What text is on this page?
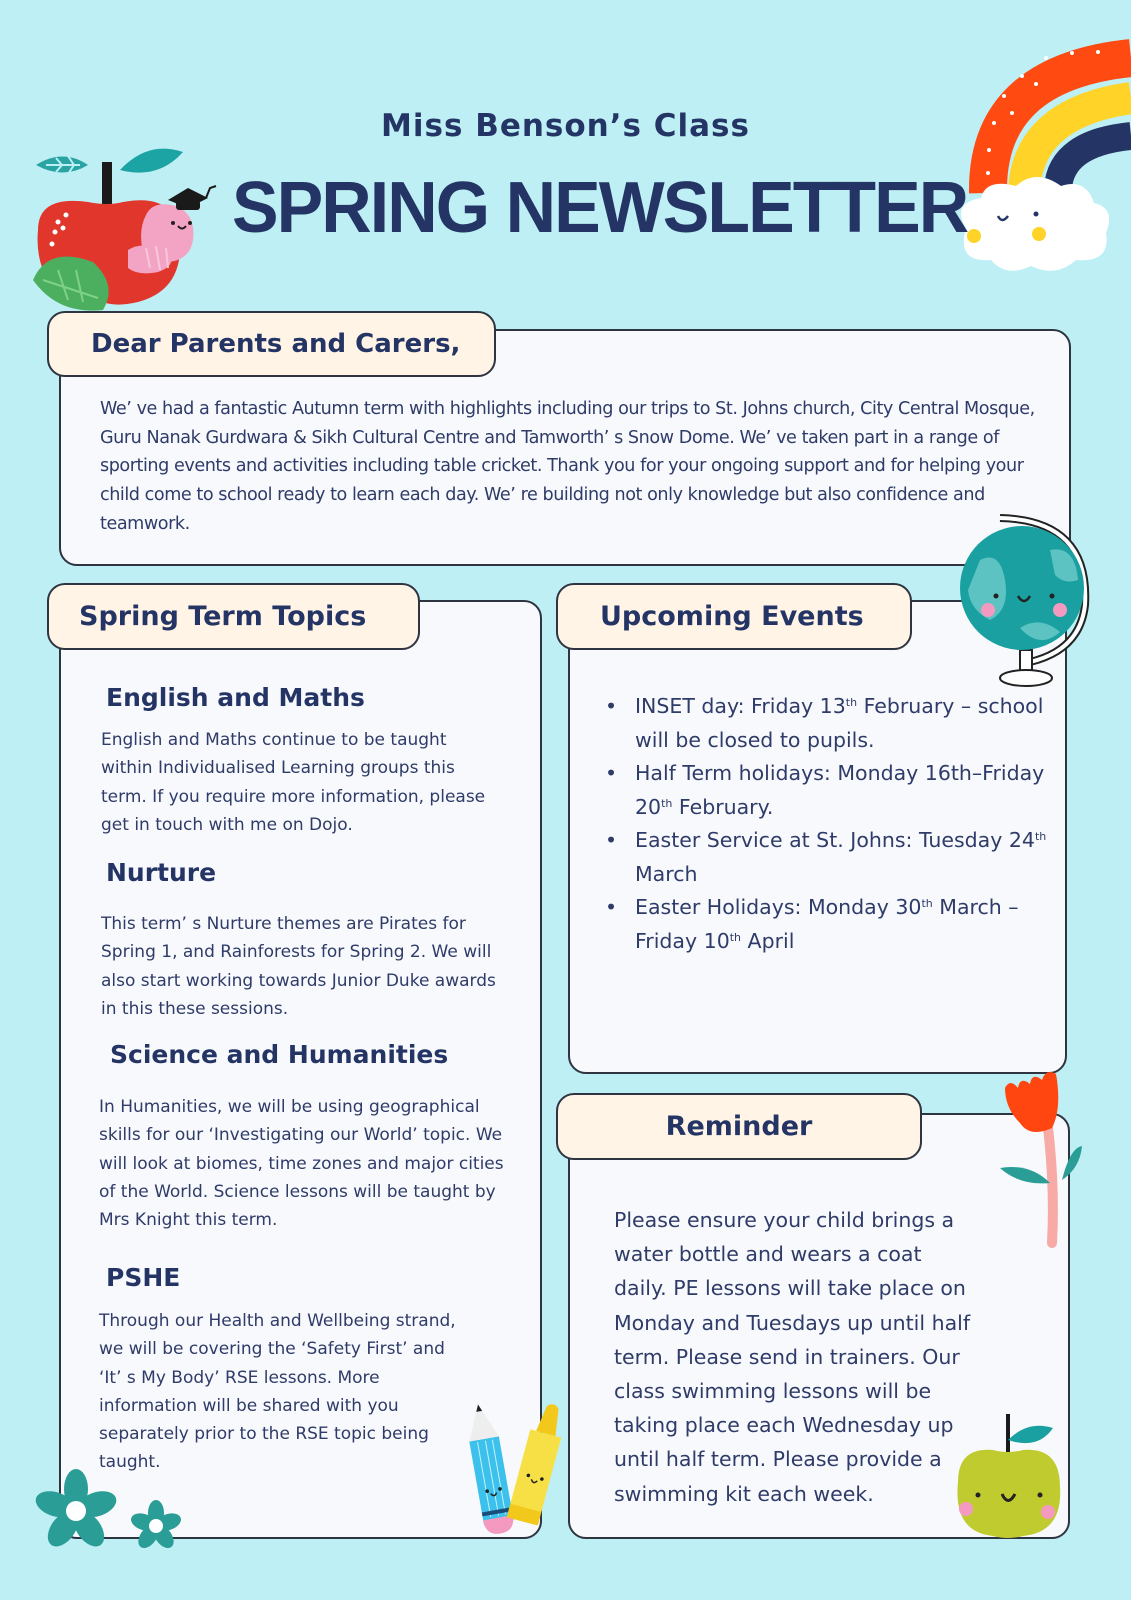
Miss Benson’s Class
SPRING NEWSLETTER
Dear Parents and Carers,

We’ ve had a fantastic Autumn term with highlights including our trips to St. Johns church, City Central Mosque, Guru Nanak Gurdwara & Sikh Cultural Centre and Tamworth’ s Snow Dome. We’ ve taken part in a range of sporting events and activities including table cricket. Thank you for your ongoing support and for helping your child come to school ready to learn each day. We’ re building not only knowledge but also confidence and teamwork.

Spring Term Topics
English and Maths

English and Maths continue to be taught within Individualised Learning groups this term. If you require more information, please get in touch with me on Dojo.

Nurture

This term’ s Nurture themes are Pirates for Spring 1, and Rainforests for Spring 2. We will also start working towards Junior Duke awards in this these sessions.

Science and Humanities

In Humanities, we will be using geographical skills for our ‘Investigating our World’ topic. We will look at biomes, time zones and major cities of the World. Science lessons will be taught by Mrs Knight this term.

PSHE

Through our Health and Wellbeing strand, we will be covering the ‘Safety First’ and ‘It’ s My Body’ RSE lessons. More information will be shared with you separately prior to the RSE topic being taught.

Upcoming Events
• INSET day: Friday 13th February – school will be closed to pupils.
• Half Term holidays: Monday 16th–Friday 20th February.
• Easter Service at St. Johns: Tuesday 24th March
• Easter Holidays: Monday 30th March – Friday 10th April
Reminder

Please ensure your child brings a water bottle and wears a coat daily. PE lessons will take place on Monday and Tuesdays up until half term. Please send in trainers. Our class swimming lessons will be taking place each Wednesday up until half term. Please provide a swimming kit each week.
